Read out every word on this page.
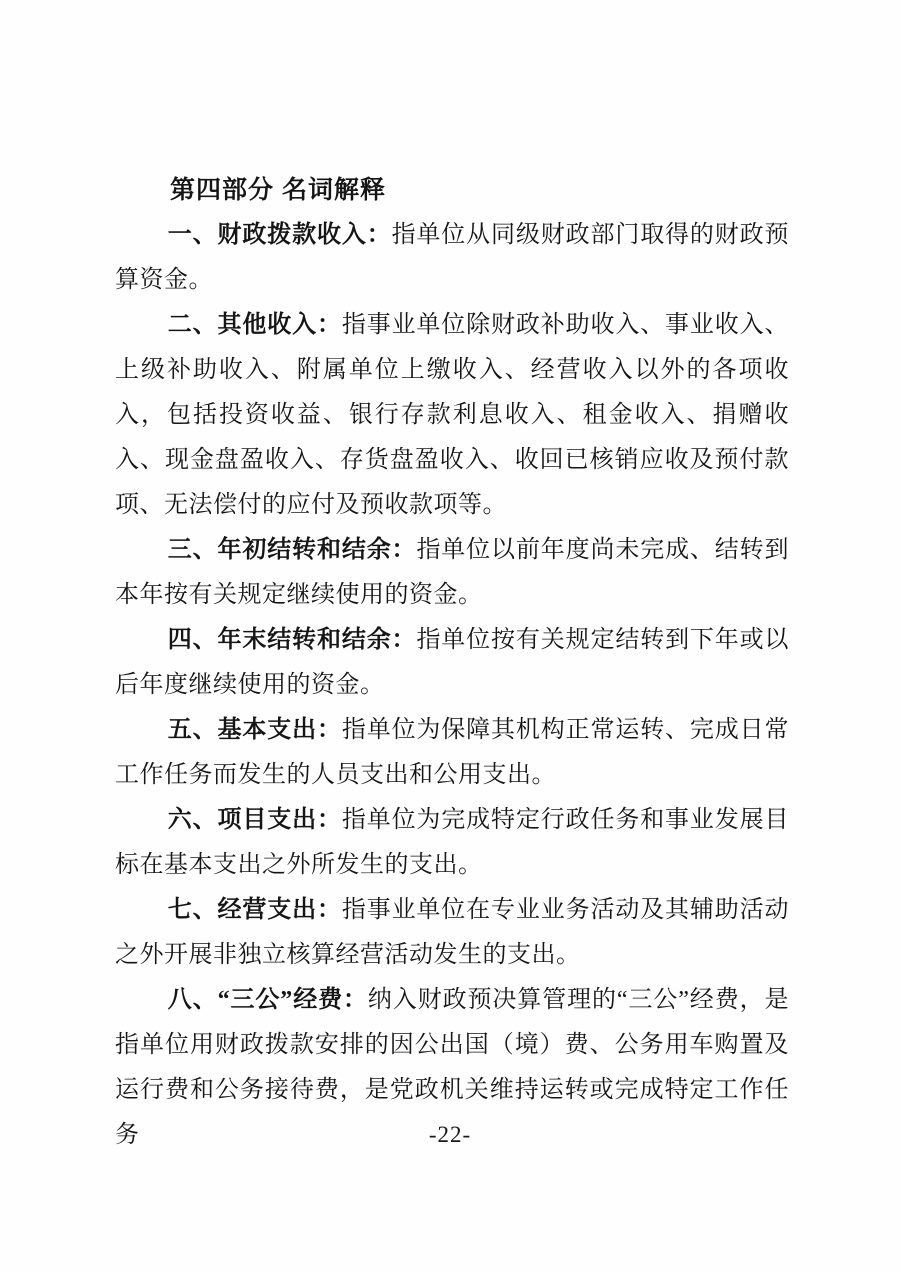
第四部分 名词解释

一、财政拨款收入：指单位从同级财政部门取得的财政预算资金。

二、其他收入：指事业单位除财政补助收入、事业收入、上级补助收入、附属单位上缴收入、经营收入以外的各项收入，包括投资收益、银行存款利息收入、租金收入、捐赠收入、现金盘盈收入、存货盘盈收入、收回已核销应收及预付款项、无法偿付的应付及预收款项等。

三、年初结转和结余：指单位以前年度尚未完成、结转到本年按有关规定继续使用的资金。

四、年末结转和结余：指单位按有关规定结转到下年或以后年度继续使用的资金。

五、基本支出：指单位为保障其机构正常运转、完成日常工作任务而发生的人员支出和公用支出。

六、项目支出：指单位为完成特定行政任务和事业发展目标在基本支出之外所发生的支出。

七、经营支出：指事业单位在专业业务活动及其辅助活动之外开展非独立核算经营活动发生的支出。

八、“三公”经费：纳入财政预决算管理的“三公”经费，是指单位用财政拨款安排的因公出国（境）费、公务用车购置及运行费和公务接待费，是党政机关维持运转或完成特定工作任务	-22-
